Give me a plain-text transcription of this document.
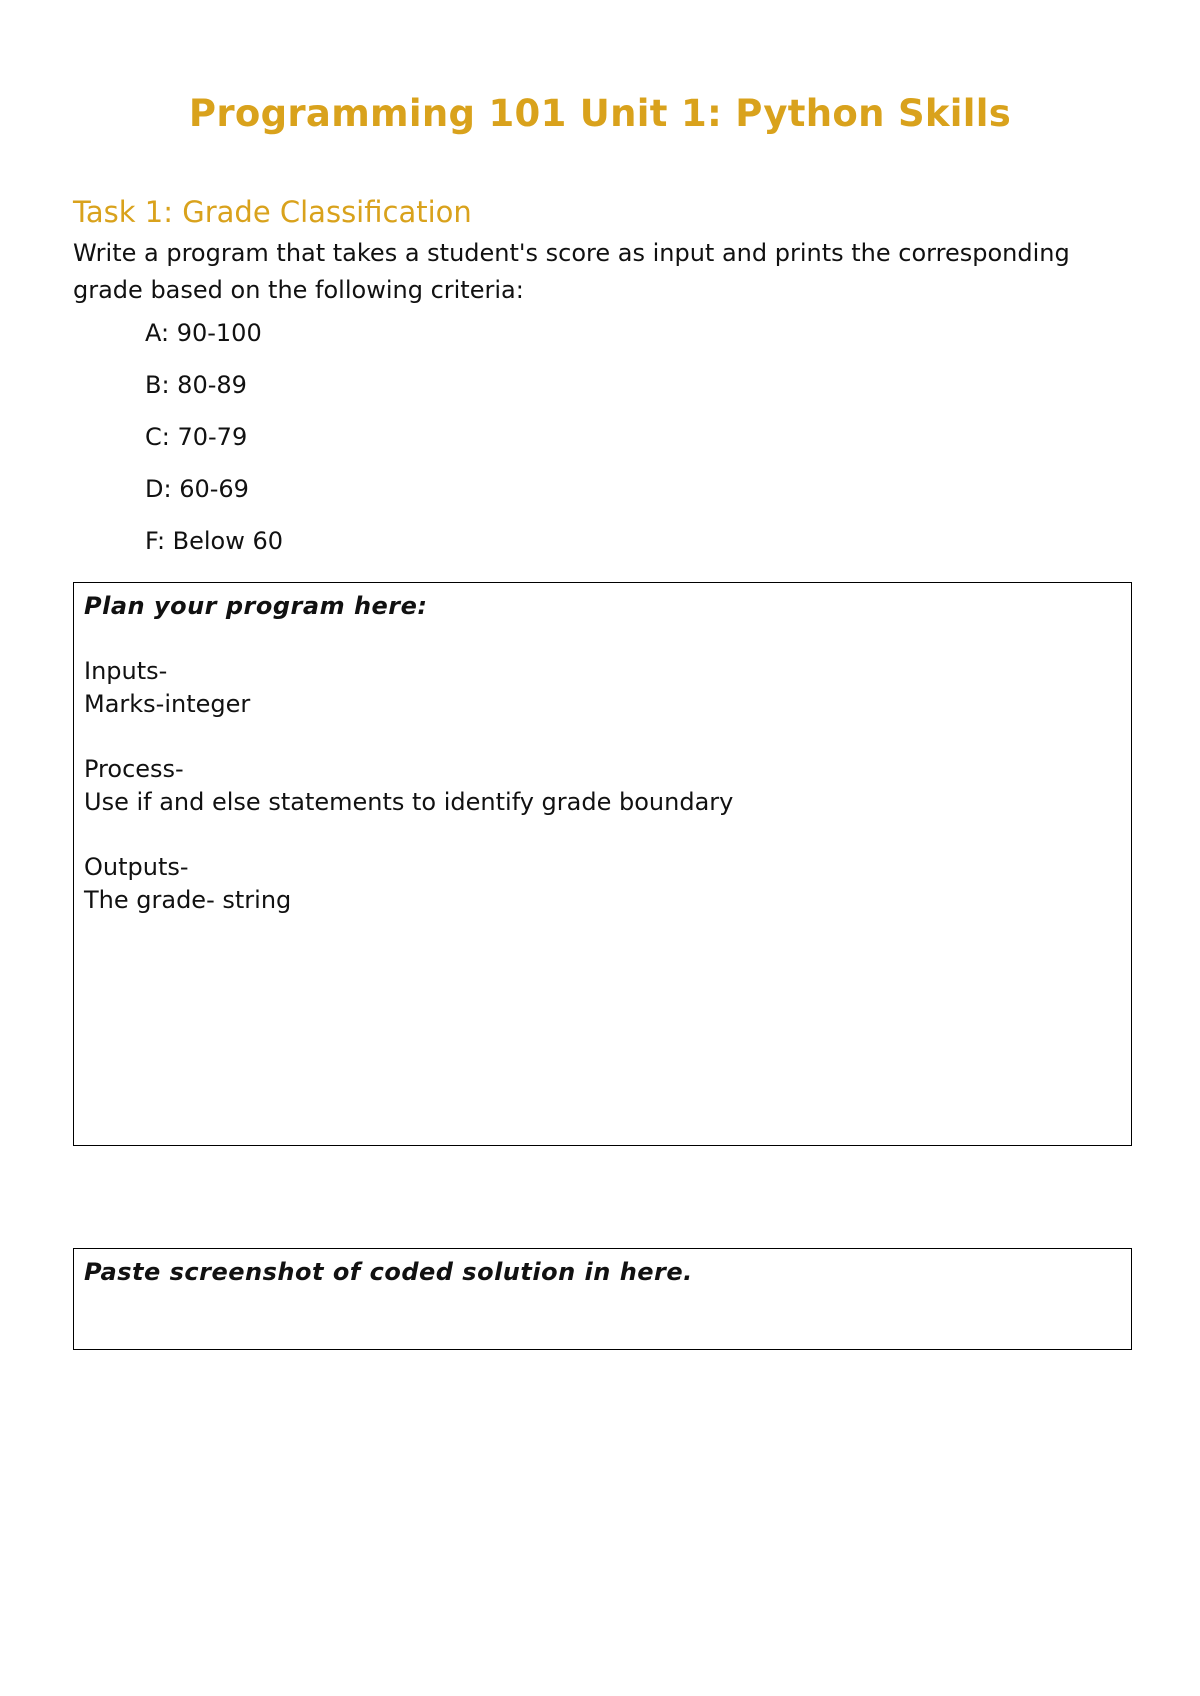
Programming 101 Unit 1: Python Skills
Task 1: Grade Classification

Write a program that takes a student's score as input and prints the corresponding grade based on the following criteria:

A: 90-100
B: 80-89
C: 70-79
D: 60-69
F: Below 60
Plan your program here:
Inputs-
Marks-integer
Process-
Use if and else statements to identify grade boundary
Outputs-
The grade- string
Paste screenshot of coded solution in here.
